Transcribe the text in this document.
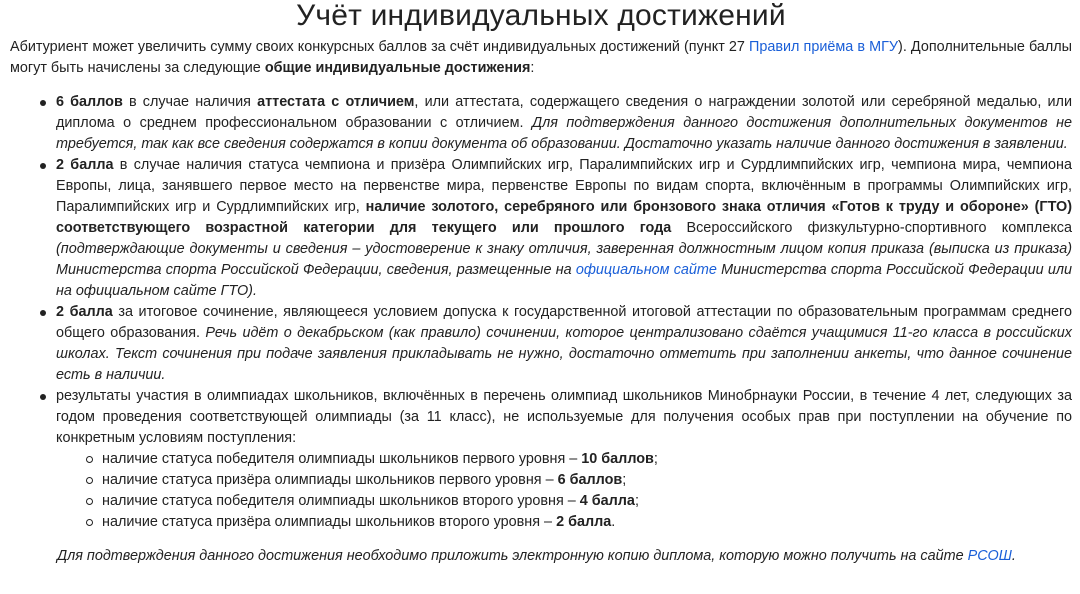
Учёт индивидуальных достижений

Абитуриент может увеличить сумму своих конкурсных баллов за счёт индивидуальных достижений (пункт 27 Правил приёма в МГУ). Дополнительные баллы могут быть начислены за следующие общие индивидуальные достижения:

6 баллов в случае наличия аттестата с отличием, или аттестата, содержащего сведения о награждении золотой или серебряной медалью, или диплома о среднем профессиональном образовании с отличием. Для подтверждения данного достижения дополнительных документов не требуется, так как все сведения содержатся в копии документа об образовании. Достаточно указать наличие данного достижения в заявлении.
2 балла в случае наличия статуса чемпиона и призёра Олимпийских игр, Паралимпийских игр и Сурдлимпийских игр, чемпиона мира, чемпиона Европы, лица, занявшего первое место на первенстве мира, первенстве Европы по видам спорта, включённым в программы Олимпийских игр, Паралимпийских игр и Сурдлимпийских игр, наличие золотого, серебряного или бронзового знака отличия «Готов к труду и обороне» (ГТО) соответствующего возрастной категории для текущего или прошлого года Всероссийского физкультурно-спортивного комплекса (подтверждающие документы и сведения – удостоверение к знаку отличия, заверенная должностным лицом копия приказа (выписка из приказа) Министерства спорта Российской Федерации, сведения, размещенные на официальном сайте Министерства спорта Российской Федерации или на официальном сайте ГТО).
2 балла за итоговое сочинение, являющееся условием допуска к государственной итоговой аттестации по образовательным программам среднего общего образования. Речь идёт о декабрьском (как правило) сочинении, которое централизовано сдаётся учащимися 11-го класса в российских школах. Текст сочинения при подаче заявления прикладывать не нужно, достаточно отметить при заполнении анкеты, что данное сочинение есть в наличии.
результаты участия в олимпиадах школьников, включённых в перечень олимпиад школьников Минобрнауки России, в течение 4 лет, следующих за годом проведения соответствующей олимпиады (за 11 класс), не используемые для получения особых прав при поступлении на обучение по конкретным условиям поступления:
наличие статуса победителя олимпиады школьников первого уровня – 10 баллов;
наличие статуса призёра олимпиады школьников первого уровня – 6 баллов;
наличие статуса победителя олимпиады школьников второго уровня – 4 балла;
наличие статуса призёра олимпиады школьников второго уровня – 2 балла.

Для подтверждения данного достижения необходимо приложить электронную копию диплома, которую можно получить на сайте РСОШ.
